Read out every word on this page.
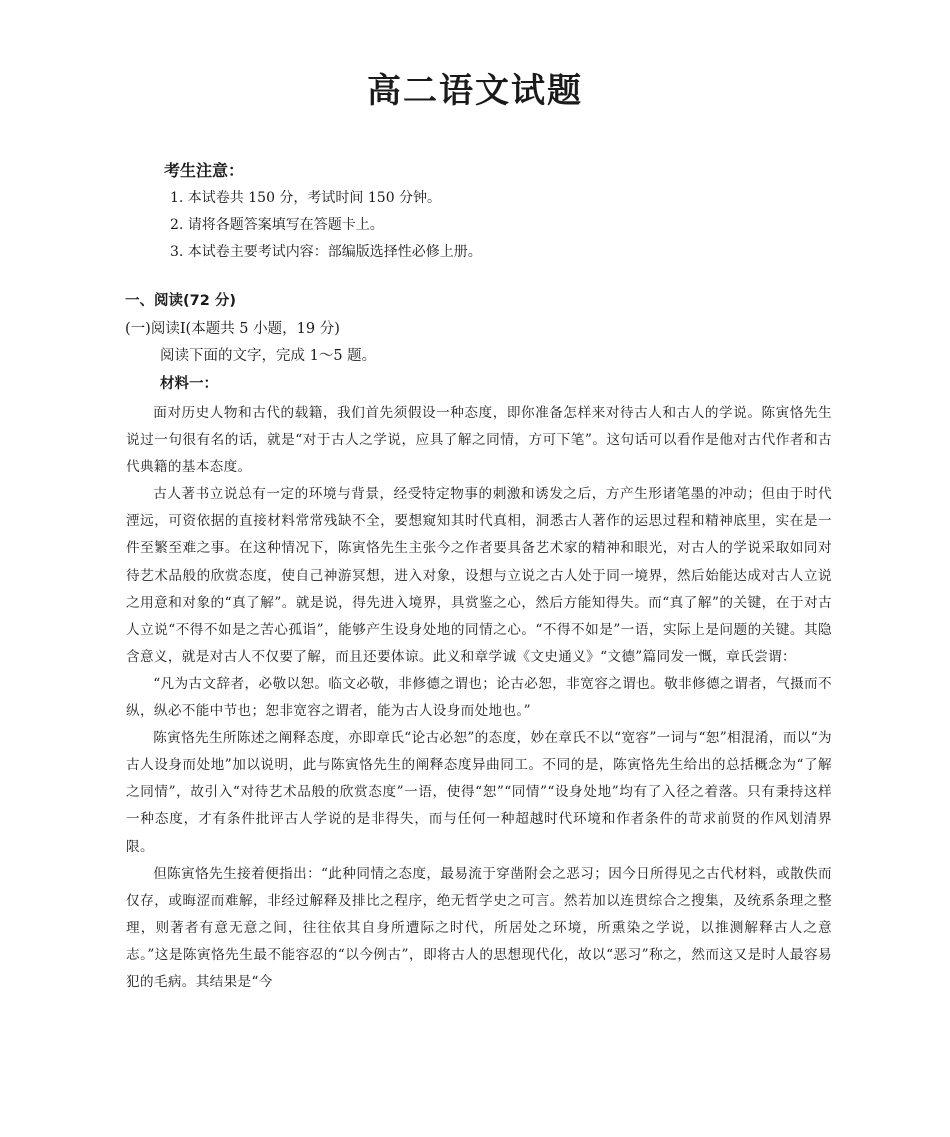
高二语文试题
考生注意：
1. 本试卷共 150 分，考试时间 150 分钟。
2. 请将各题答案填写在答题卡上。
3. 本试卷主要考试内容：部编版选择性必修上册。
一、阅读(72 分)
(一)阅读Ⅰ(本题共 5 小题，19 分)
阅读下面的文字，完成 1～5 题。
材料一：

面对历史人物和古代的载籍，我们首先须假设一种态度，即你准备怎样来对待古人和古人的学说。陈寅恪先生说过一句很有名的话，就是“对于古人之学说，应具了解之同情，方可下笔”。这句话可以看作是他对古代作者和古代典籍的基本态度。

古人著书立说总有一定的环境与背景，经受特定物事的刺激和诱发之后，方产生形诸笔墨的冲动；但由于时代湮远，可资依据的直接材料常常残缺不全，要想窥知其时代真相，洞悉古人著作的运思过程和精神底里，实在是一件至繁至难之事。在这种情况下，陈寅恪先生主张今之作者要具备艺术家的精神和眼光，对古人的学说采取如同对待艺术品般的欣赏态度，使自己神游冥想，进入对象，设想与立说之古人处于同一境界，然后始能达成对古人立说之用意和对象的“真了解”。就是说，得先进入境界，具赏鉴之心，然后方能知得失。而“真了解”的关键，在于对古人立说“不得不如是之苦心孤诣”，能够产生设身处地的同情之心。“不得不如是”一语，实际上是问题的关键。其隐含意义，就是对古人不仅要了解，而且还要体谅。此义和章学诚《文史通义》“文德”篇同发一慨，章氏尝谓：

“凡为古文辞者，必敬以恕。临文必敬，非修德之谓也；论古必恕，非宽容之谓也。敬非修德之谓者，气摄而不纵，纵必不能中节也；恕非宽容之谓者，能为古人设身而处地也。”

陈寅恪先生所陈述之阐释态度，亦即章氏“论古必恕”的态度，妙在章氏不以“宽容”一词与“恕”相混淆，而以“为古人设身而处地”加以说明，此与陈寅恪先生的阐释态度异曲同工。不同的是，陈寅恪先生给出的总括概念为“了解之同情”，故引入“对待艺术品般的欣赏态度”一语，使得“恕”“同情”“设身处地”均有了入径之着落。只有秉持这样一种态度，才有条件批评古人学说的是非得失，而与任何一种超越时代环境和作者条件的苛求前贤的作风划清界限。

但陈寅恪先生接着便指出：“此种同情之态度，最易流于穿凿附会之恶习；因今日所得见之古代材料，或散佚而仅存，或晦涩而难解，非经过解释及排比之程序，绝无哲学史之可言。然若加以连贯综合之搜集，及统系条理之整理，则著者有意无意之间，往往依其自身所遭际之时代，所居处之环境，所熏染之学说，以推测解释古人之意志。”这是陈寅恪先生最不能容忍的“以今例古”，即将古人的思想现代化，故以“恶习”称之，然而这又是时人最容易犯的毛病。其结果是“今
